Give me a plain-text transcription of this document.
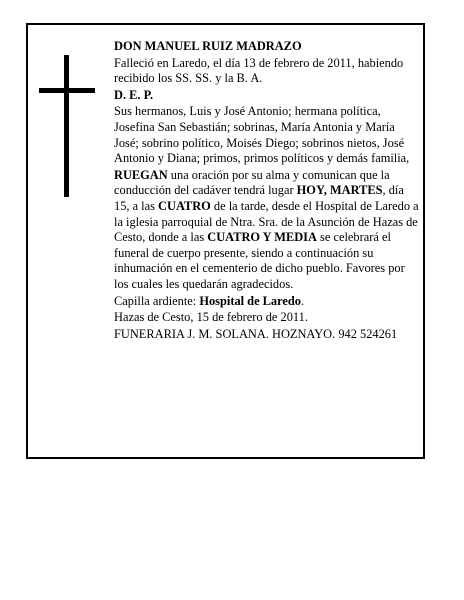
DON MANUEL RUIZ MADRAZO

Falleció en Laredo, el día 13 de febrero de 2011, habiendo recibido los SS. SS. y la B. A.

D. E. P.

Sus hermanos, Luis y José Antonio; hermana política, Josefina San Sebastián; sobrinas, María Antonia y María José; sobrino político, Moisés Diego; sobrinos nietos, José Antonio y Diana; primos, primos políticos y demás familia,

RUEGAN una oración por su alma y comunican que la conducción del cadáver tendrá lugar HOY, MARTES, día 15, a las CUATRO de la tarde, desde el Hospital de Laredo a la iglesia parroquial de Ntra. Sra. de la Asunción de Hazas de Cesto, donde a las CUATRO Y MEDIA se celebrará el funeral de cuerpo presente, siendo a continuación su inhumación en el cementerio de dicho pueblo. Favores por los cuales les quedarán agradecidos.

Capilla ardiente: Hospital de Laredo.

Hazas de Cesto, 15 de febrero de 2011.

FUNERARIA J. M. SOLANA. HOZNAYO. 942 524261
